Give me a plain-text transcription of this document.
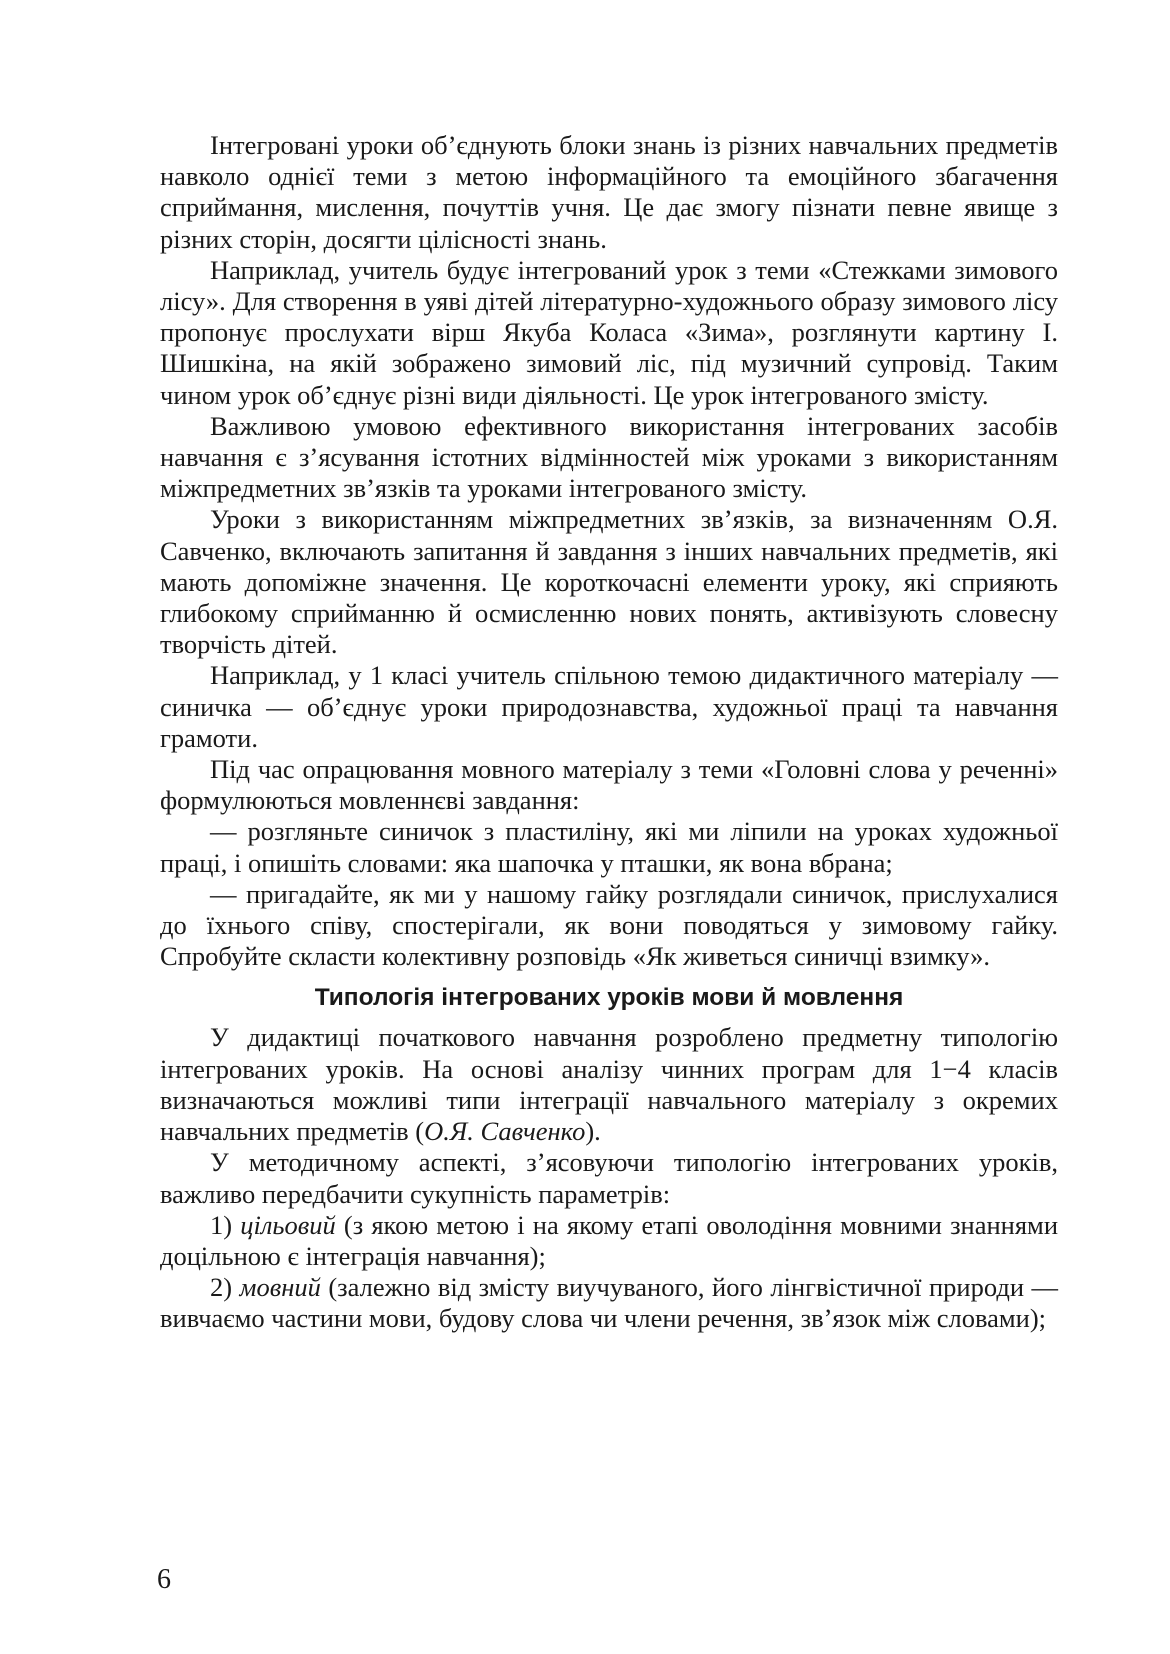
Інтегровані уроки об’єднують блоки знань із різних навчальних предметів навколо однієї теми з метою інформаційного та емоційного збагачення сприймання, мислення, почуттів учня. Це дає змогу пізнати певне явище з різних сторін, досягти цілісності знань.

Наприклад, учитель будує інтегрований урок з теми «Стежками зимового лісу». Для створення в уяві дітей літературно-художнього образу зимового лісу пропонує прослухати вірш Якуба Коласа «Зима», розглянути картину І. Шишкіна, на якій зображено зимовий ліс, під музичний супровід. Таким чином урок об’єднує різні види діяльності. Це урок інтегрованого змісту.

Важливою умовою ефективного використання інтегрованих засобів навчання є з’ясування істотних відмінностей між уроками з використанням міжпредметних зв’язків та уроками інтегрованого змісту.

Уроки з використанням міжпредметних зв’язків, за визначенням О.Я. Савченко, включають запитання й завдання з інших навчальних предметів, які мають допоміжне значення. Це короткочасні елементи уроку, які сприяють глибокому сприйманню й осмисленню нових понять, активізують словесну творчість дітей.

Наприклад, у 1 класі учитель спільною темою дидактичного матеріалу — синичка — об’єднує уроки природознавства, художньої праці та навчання грамоти.

Під час опрацювання мовного матеріалу з теми «Головні слова у реченні» формулюються мовленнєві завдання:

— розгляньте синичок з пластиліну, які ми ліпили на уроках художньої праці, і опишіть словами: яка шапочка у пташки, як вона вбрана;

— пригадайте, як ми у нашому гайку розглядали синичок, прислухалися до їхнього співу, спостерігали, як вони поводяться у зимовому гайку. Спробуйте скласти колективну розповідь «Як живеться синичці взимку».

Типологія інтегрованих уроків мови й мовлення

У дидактиці початкового навчання розроблено предметну типологію інтегрованих уроків. На основі аналізу чинних програм для 1−4 класів визначаються можливі типи інтеграції навчального матеріалу з окремих навчальних предметів (О.Я. Савченко).

У методичному аспекті, з’ясовуючи типологію інтегрованих уроків, важливо передбачити сукупність параметрів:

1) цільовий (з якою метою і на якому етапі оволодіння мовними знаннями доцільною є інтеграція навчання);

2) мовний (залежно від змісту виучуваного, його лінгвістичної природи — вивчаємо частини мови, будову слова чи члени речення, зв’язок між словами);

6
